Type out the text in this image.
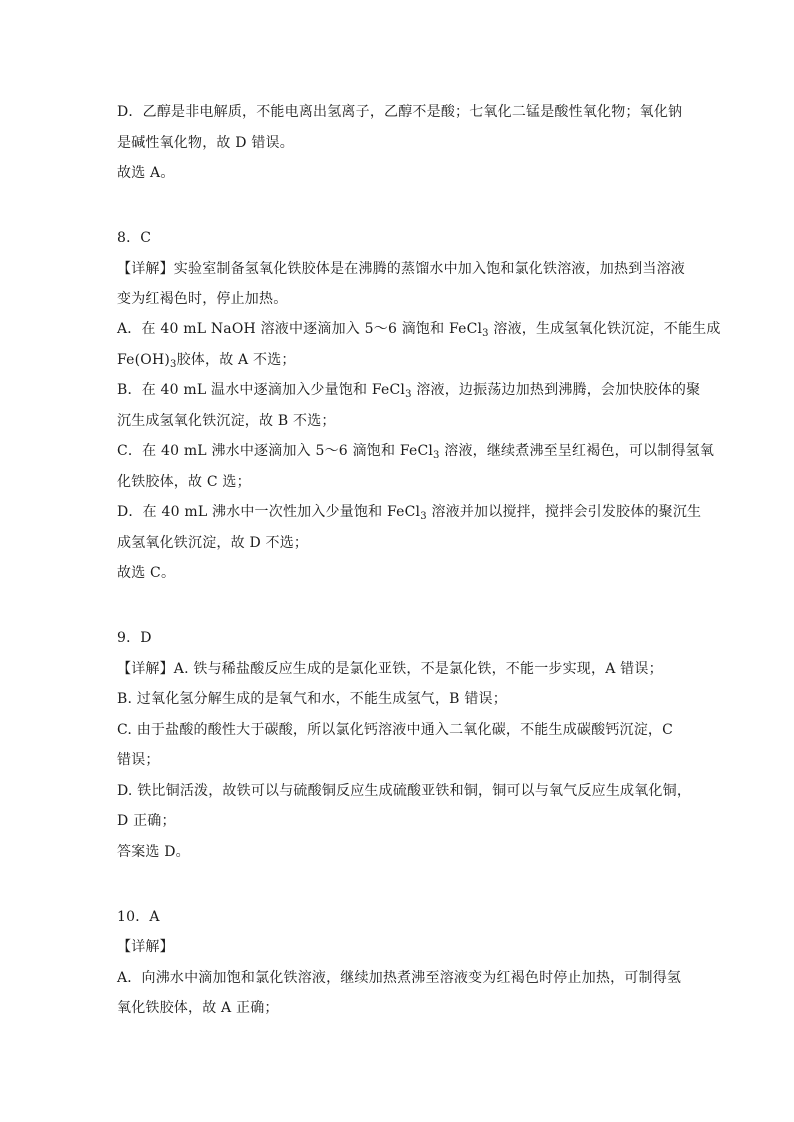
D．乙醇是非电解质，不能电离出氢离子，乙醇不是酸；七氧化二锰是酸性氧化物；氧化钠
是碱性氧化物，故 D 错误。
故选 A。
8．C
【详解】实验室制备氢氧化铁胶体是在沸腾的蒸馏水中加入饱和氯化铁溶液，加热到当溶液
变为红褐色时，停止加热。
A．在 40 mL NaOH 溶液中逐滴加入 5～6 滴饱和 FeCl$_3$ 溶液，生成氢氧化铁沉淀，不能生成
$Fe(OH)_3$胶体，故 A 不选；
B．在 40 mL 温水中逐滴加入少量饱和 FeCl$_3$ 溶液，边振荡边加热到沸腾，会加快胶体的聚
沉生成氢氧化铁沉淀，故 B 不选；
C．在 40 mL 沸水中逐滴加入 5～6 滴饱和 FeCl$_3$ 溶液，继续煮沸至呈红褐色，可以制得氢氧
化铁胶体，故 C 选；
D．在 40 mL 沸水中一次性加入少量饱和 FeCl$_3$ 溶液并加以搅拌，搅拌会引发胶体的聚沉生
成氢氧化铁沉淀，故 D 不选；
故选 C。
9．D
【详解】A. 铁与稀盐酸反应生成的是氯化亚铁，不是氯化铁，不能一步实现，A 错误；
B. 过氧化氢分解生成的是氧气和水，不能生成氢气，B 错误；
C. 由于盐酸的酸性大于碳酸，所以氯化钙溶液中通入二氧化碳，不能生成碳酸钙沉淀，C
错误；
D. 铁比铜活泼，故铁可以与硫酸铜反应生成硫酸亚铁和铜，铜可以与氧气反应生成氧化铜，
D 正确；
答案选 D。
10．A
【详解】
A．向沸水中滴加饱和氯化铁溶液，继续加热煮沸至溶液变为红褐色时停止加热，可制得氢
氧化铁胶体，故 A 正确；
